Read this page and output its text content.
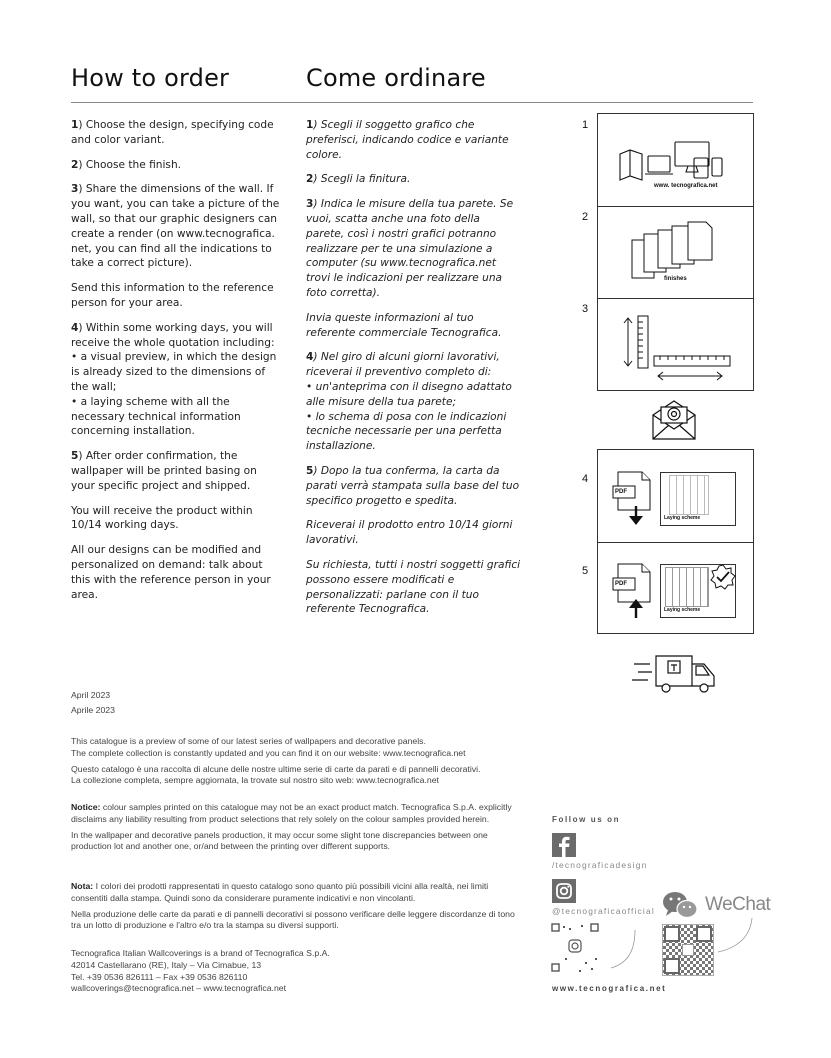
How to order	Come ordinare

1) Choose the design, specifying code and color variant.

2) Choose the finish.

3) Share the dimensions of the wall. If you want, you can take a picture of the wall, so that our graphic designers can create a render (on www.tecnografica. net, you can find all the indications to take a correct picture).

Send this information to the reference person for your area.

4) Within some working days, you will receive the whole quotation including:
• a visual preview, in which the design is already sized to the dimensions of the wall;
• a laying scheme with all the necessary technical information concerning installation.

5) After order confirmation, the wallpaper will be printed basing on your specific project and shipped.

You will receive the product within 10/14 working days.

All our designs can be modified and personalized on demand: talk about this with the reference person in your area.

1) Scegli il soggetto grafico che preferisci, indicando codice e variante colore.

2) Scegli la finitura.

3) Indica le misure della tua parete. Se vuoi, scatta anche una foto della parete, così i nostri grafici potranno realizzare per te una simulazione a computer (su www.tecnografica.net trovi le indicazioni per realizzare una foto corretta).

Invia queste informazioni al tuo referente commerciale Tecnografica.

4) Nel giro di alcuni giorni lavorativi, riceverai il preventivo completo di:
• un'anteprima con il disegno adattato alle misure della tua parete;
• lo schema di posa con le indicazioni tecniche necessarie per una perfetta installazione.

5) Dopo la tua conferma, la carta da parati verrà stampata sulla base del tuo specifico progetto e spedita.

Riceverai il prodotto entro 10/14 giorni lavorativi.

Su richiesta, tutti i nostri soggetti grafici possono essere modificati e personalizzati: parlane con il tuo referente Tecnografica.

1
2
3
4
5
www. tecnografica.net
finishes
PDF
Laying scheme
PDF
Laying scheme
April 2023
Aprile 2023
This catalogue is a preview of some of our latest series of wallpapers and decorative panels.
The complete collection is constantly updated and you can find it on our website: www.tecnografica.net
Questo catalogo è una raccolta di alcune delle nostre ultime serie di carte da parati e di pannelli decorativi.
La collezione completa, sempre aggiornata, la trovate sul nostro sito web: www.tecnografica.net

Notice: colour samples printed on this catalogue may not be an exact product match. Tecnografica S.p.A. explicitly disclaims any liability resulting from product selections that rely solely on the colour samples provided herein.

In the wallpaper and decorative panels production, it may occur some slight tone discrepancies between one production lot and another one, or/and between the printing over different supports.

Nota: I colori dei prodotti rappresentati in questo catalogo sono quanto più possibili vicini alla realtà, nei limiti consentiti dalla stampa. Quindi sono da considerare puramente indicativi e non vincolanti.

Nella produzione delle carte da parati e di pannelli decorativi si possono verificare delle leggere discordanze di tono tra un lotto di produzione e l'altro e/o tra la stampa su diversi supporti.

Tecnografica Italian Wallcoverings is a brand of Tecnografica S.p.A.
42014 Castellarano (RE), Italy – Via Cimabue, 13
Tel. +39 0536 826111 – Fax +39 0536 826110
wallcoverings@tecnografica.net – www.tecnografica.net
Follow us on
/tecnograficadesign
@tecnograficaofficial	WeChat
www.tecnografica.net
